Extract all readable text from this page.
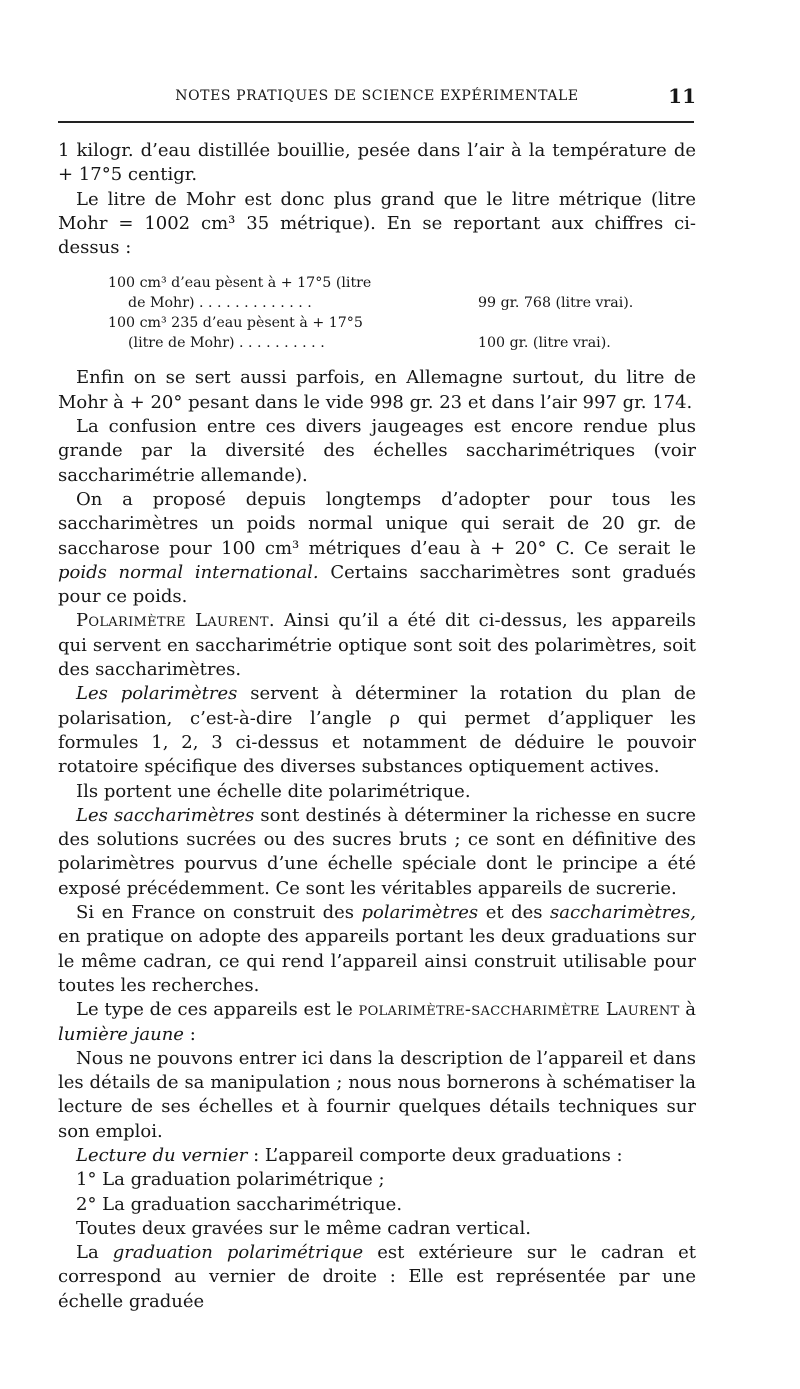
NOTES PRATIQUES DE SCIENCE EXPÉRIMENTALE	11

1 kilogr. d’eau distillée bouillie, pesée dans l’air à la température de + 17°5 centigr.

Le litre de Mohr est donc plus grand que le litre métrique (litre Mohr = 1002 cm³ 35 métrique). En se reportant aux chiffres ci-dessus :

100 cm³ d’eau pèsent à + 17°5 (litre
de Mohr) . . . . . . . . . . . . .	99 gr. 768 (litre vrai).
100 cm³ 235 d’eau pèsent à + 17°5
(litre de Mohr) . . . . . . . . . .	100 gr. (litre vrai).

Enfin on se sert aussi parfois, en Allemagne surtout, du litre de Mohr à + 20° pesant dans le vide 998 gr. 23 et dans l’air 997 gr. 174.

La confusion entre ces divers jaugeages est encore rendue plus grande par la diversité des échelles saccharimétriques (voir saccharimétrie allemande).

On a proposé depuis longtemps d’adopter pour tous les saccharimètres un poids normal unique qui serait de 20 gr. de saccharose pour 100 cm³ métriques d’eau à + 20° C. Ce serait le poids normal international. Certains saccharimètres sont gradués pour ce poids.

Polarimètre Laurent. Ainsi qu’il a été dit ci-dessus, les appareils qui servent en saccharimétrie optique sont soit des polarimètres, soit des saccharimètres.

Les polarimètres servent à déterminer la rotation du plan de polarisation, c’est-à-dire l’angle ρ qui permet d’appliquer les formules 1, 2, 3 ci-dessus et notamment de déduire le pouvoir rotatoire spécifique des diverses substances optiquement actives.

Ils portent une échelle dite polarimétrique.

Les saccharimètres sont destinés à déterminer la richesse en sucre des solutions sucrées ou des sucres bruts ; ce sont en définitive des polarimètres pourvus d’une échelle spéciale dont le principe a été exposé précédemment. Ce sont les véritables appareils de sucrerie.

Si en France on construit des polarimètres et des saccharimètres, en pratique on adopte des appareils portant les deux graduations sur le même cadran, ce qui rend l’appareil ainsi construit utilisable pour toutes les recherches.

Le type de ces appareils est le polarimètre-saccharimètre Laurent à lumière jaune :

Nous ne pouvons entrer ici dans la description de l’appareil et dans les détails de sa manipulation ; nous nous bornerons à schématiser la lecture de ses échelles et à fournir quelques détails techniques sur son emploi.

Lecture du vernier : L’appareil comporte deux graduations :

1° La graduation polarimétrique ;

2° La graduation saccharimétrique.

Toutes deux gravées sur le même cadran vertical.

La graduation polarimétrique est extérieure sur le cadran et correspond au vernier de droite : Elle est représentée par une échelle graduée
